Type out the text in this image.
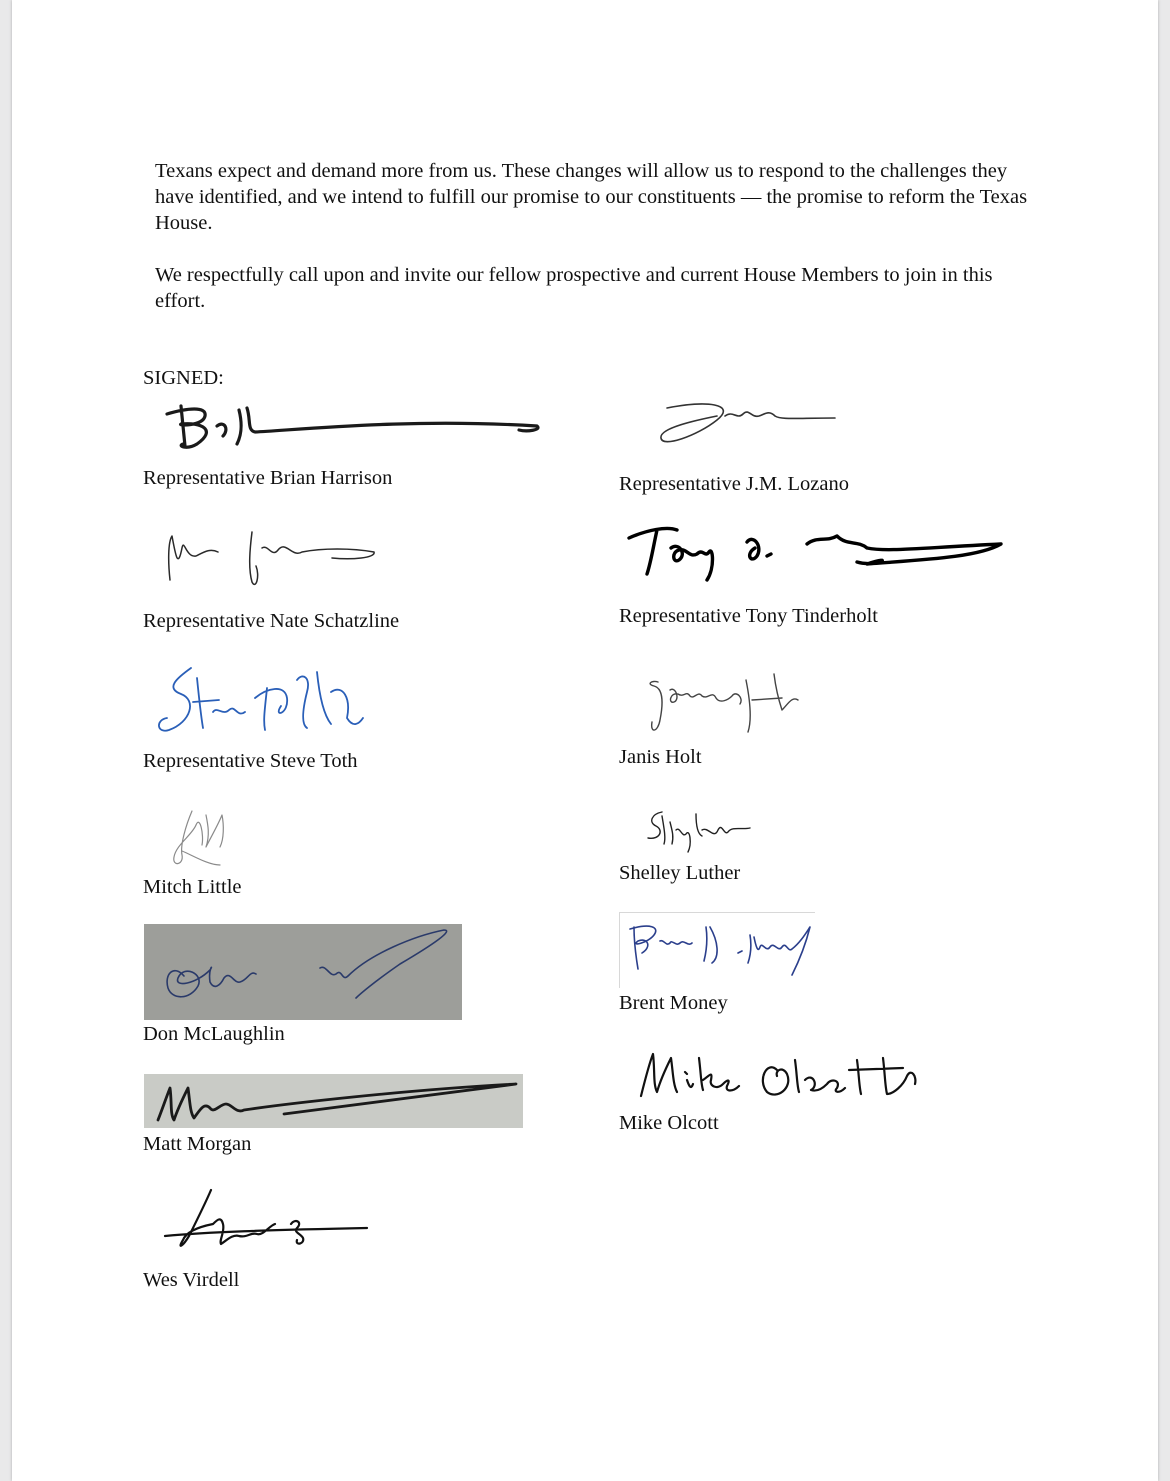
Texans expect and demand more from us. These changes will allow us to respond to the challenges they have identified, and we intend to fulfill our promise to our constituents — the promise to reform the Texas House.

We respectfully call upon and invite our fellow prospective and current House Members to join in this effort.

SIGNED:
Representative Brian Harrison	Representative J.M. Lozano
Representative Nate Schatzline	Representative Tony Tinderholt
Representative Steve Toth	Janis Holt
Mitch Little
Shelley Luther
Don McLaughlin
Brent Money
Matt Morgan
Mike Olcott
Wes Virdell
